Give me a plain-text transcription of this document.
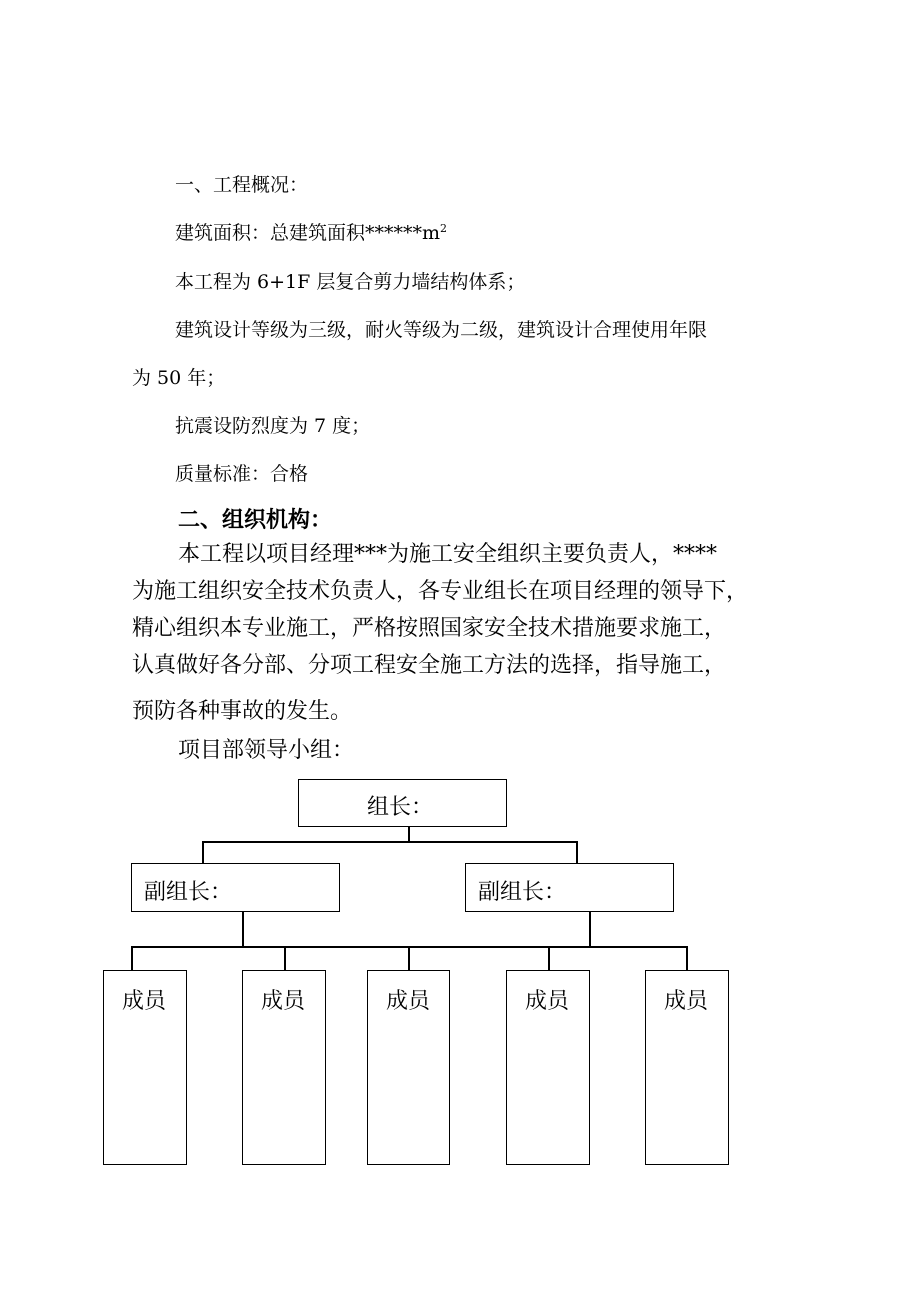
一、工程概况：

建筑面积：总建筑面积$******m^2$

本工程为 6+1F 层复合剪力墙结构体系；

建筑设计等级为三级，耐火等级为二级，建筑设计合理使用年限

为 50 年；

抗震设防烈度为 7 度；

质量标准：合格

二、组织机构：

本工程以项目经理***为施工安全组织主要负责人，****

为施工组织安全技术负责人，各专业组长在项目经理的领导下，

精心组织本专业施工，严格按照国家安全技术措施要求施工，

认真做好各分部、分项工程安全施工方法的选择，指导施工，

预防各种事故的发生。

项目部领导小组：

组长：
副组长：	副组长：
成员	成员	成员	成员	成员
